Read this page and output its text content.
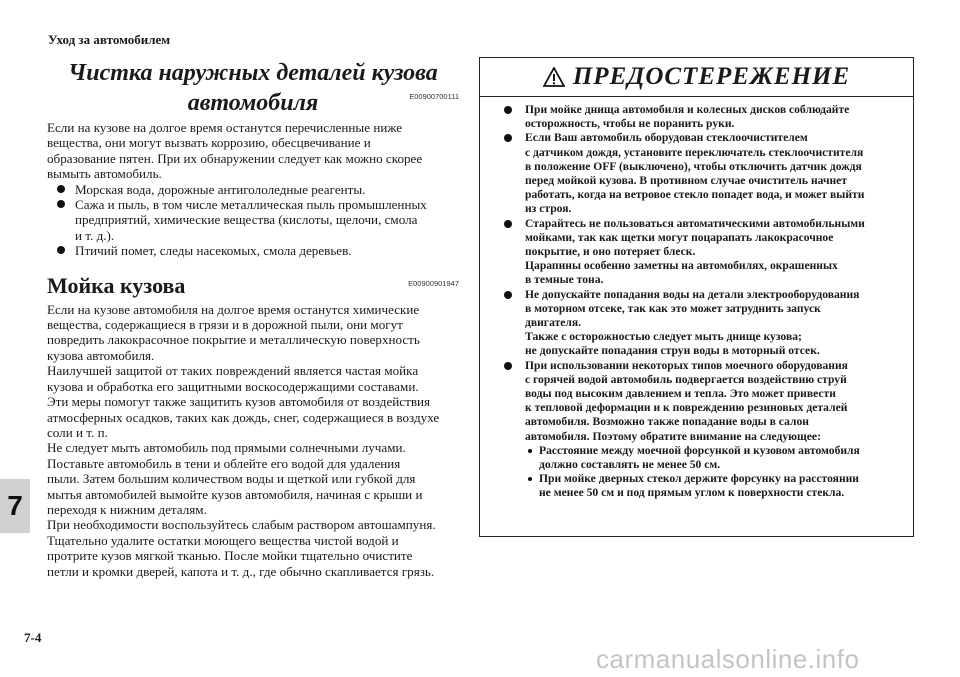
Уход за автомобилем
Чистка наружных деталей кузова
автомобиля	E00900700111

Если на кузове на долгое время останутся перечисленные ниже
вещества, они могут вызвать коррозию, обесцвечивание и
образование пятен. При их обнаружении следует как можно скорее
вымыть автомобиль.

Морская вода, дорожные антигололедные реагенты.
Сажа и пыль, в том числе металлическая пыль промышленных
предприятий, химические вещества (кислоты, щелочи, смола
и т. д.).
Птичий помет, следы насекомых, смола деревьев.
Мойка кузова	E00900901947

Если на кузове автомобиля на долгое время останутся химические
вещества, содержащиеся в грязи и в дорожной пыли, они могут
повредить лакокрасочное покрытие и металлическую поверхность
кузова автомобиля.
Наилучшей защитой от таких повреждений является частая мойка
кузова и обработка его защитными воскосодержащими составами.
Эти меры помогут также защитить кузов автомобиля от воздействия
атмосферных осадков, таких как дождь, снег, содержащиеся в воздухе
соли и т. п.
Не следует мыть автомобиль под прямыми солнечными лучами.
Поставьте автомобиль в тени и облейте его водой для удаления
пыли. Затем большим количеством воды и щеткой или губкой для
мытья автомобилей вымойте кузов автомобиля, начиная с крыши и
переходя к нижним деталям.
При необходимости воспользуйтесь слабым раствором автошампуня.
Тщательно удалите остатки моющего вещества чистой водой и
протрите кузов мягкой тканью. После мойки тщательно очистите
петли и кромки дверей, капота и т. д., где обычно скапливается грязь.

ПРЕДОСТЕРЕЖЕНИЕ
При мойке днища автомобиля и колесных дисков соблюдайте
осторожность, чтобы не поранить руки.
Если Ваш автомобиль оборудован стеклоочистителем
с датчиком дождя, установите переключатель стеклоочистителя
в положение OFF (выключено), чтобы отключить датчик дождя
перед мойкой кузова. В противном случае очиститель начнет
работать, когда на ветровое стекло попадет вода, и может выйти
из строя.
Старайтесь не пользоваться автоматическими автомобильными
мойками, так как щетки могут поцарапать лакокрасочное
покрытие, и оно потеряет блеск.
Царапины особенно заметны на автомобилях, окрашенных
в темные тона.
Не допускайте попадания воды на детали электрооборудования
в моторном отсеке, так как это может затруднить запуск
двигателя.
Также с осторожностью следует мыть днище кузова;
не допускайте попадания струи воды в моторный отсек.
При использовании некоторых типов моечного оборудования
с горячей водой автомобиль подвергается воздействию струй
воды под высоким давлением и тепла. Это может привести
к тепловой деформации и к повреждению резиновых деталей
автомобиля. Возможно также попадание воды в салон
автомобиля. Поэтому обратите внимание на следующее:
Расстояние между моечной форсункой и кузовом автомобиля
должно составлять не менее 50 см.
При мойке дверных стекол держите форсунку на расстоянии
не менее 50 см и под прямым углом к поверхности стекла.
7
7-4
carmanualsonline.info
